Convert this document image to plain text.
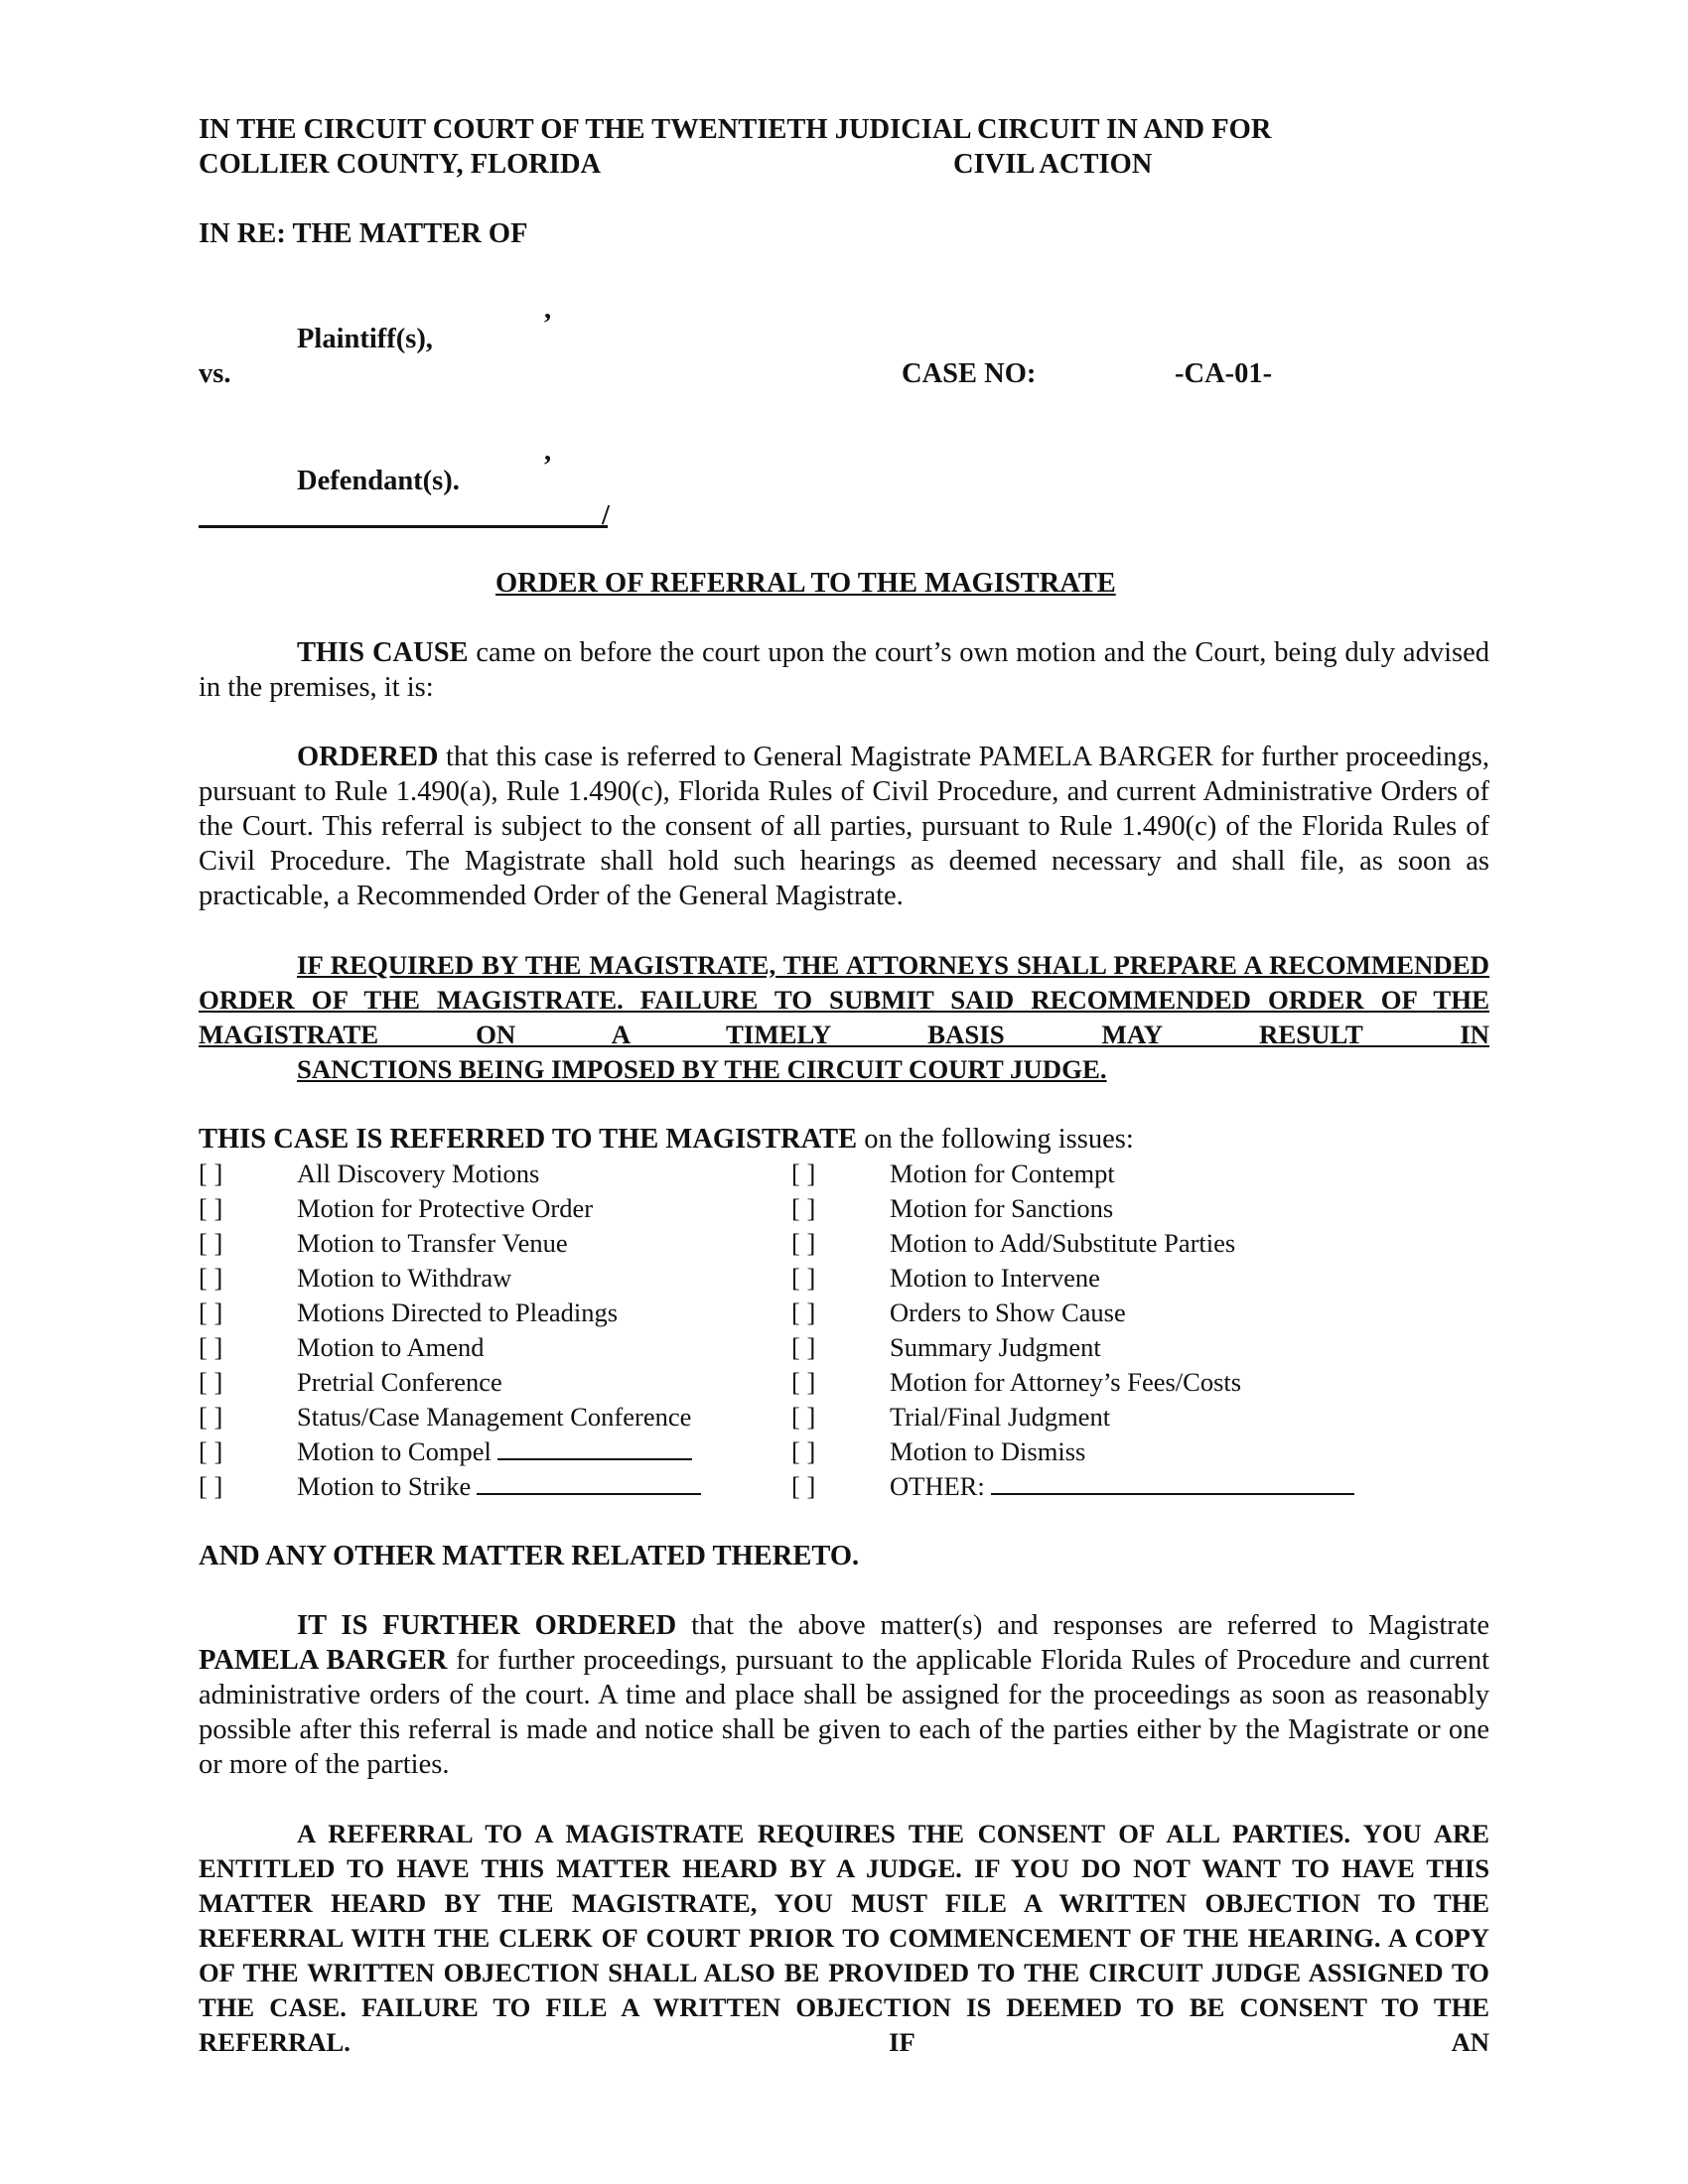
IN THE CIRCUIT COURT OF THE TWENTIETH JUDICIAL CIRCUIT IN AND FOR
COLLIER COUNTY, FLORIDA	CIVIL ACTION
IN RE: THE MATTER OF
,
Plaintiff(s),
vs.	CASE NO:	-CA-01-
,
Defendant(s).
/
ORDER OF REFERRAL TO THE MAGISTRATE
THIS CAUSE came on before the court upon the court’s own motion and the Court, being duly advised in the premises, it is:
ORDERED that this case is referred to General Magistrate PAMELA BARGER for further proceedings, pursuant to Rule 1.490(a), Rule 1.490(c), Florida Rules of Civil Procedure, and current Administrative Orders of the Court. This referral is subject to the consent of all parties, pursuant to Rule 1.490(c) of the Florida Rules of Civil Procedure. The Magistrate shall hold such hearings as deemed necessary and shall file, as soon as practicable, a Recommended Order of the General Magistrate.
IF REQUIRED BY THE MAGISTRATE, THE ATTORNEYS SHALL PREPARE A RECOMMENDED ORDER OF THE MAGISTRATE. FAILURE TO SUBMIT SAID RECOMMENDED ORDER OF THE MAGISTRATE ON A TIMELY BASIS MAY RESULT IN
SANCTIONS BEING IMPOSED BY THE CIRCUIT COURT JUDGE.
THIS CASE IS REFERRED TO THE MAGISTRATE on the following issues:
[ ]	All Discovery Motions
[ ]	Motion for Protective Order
[ ]	Motion to Transfer Venue
[ ]	Motion to Withdraw
[ ]	Motions Directed to Pleadings
[ ]	Motion to Amend
[ ]	Pretrial Conference
[ ]	Status/Case Management Conference
[ ]	Motion to Compel
[ ]	Motion to Strike
[ ]	Motion for Contempt
[ ]	Motion for Sanctions
[ ]	Motion to Add/Substitute Parties
[ ]	Motion to Intervene
[ ]	Orders to Show Cause
[ ]	Summary Judgment
[ ]	Motion for Attorney’s Fees/Costs
[ ]	Trial/Final Judgment
[ ]	Motion to Dismiss
[ ]	OTHER:
AND ANY OTHER MATTER RELATED THERETO.
IT IS FURTHER ORDERED that the above matter(s) and responses are referred to Magistrate PAMELA BARGER for further proceedings, pursuant to the applicable Florida Rules of Procedure and current administrative orders of the court. A time and place shall be assigned for the proceedings as soon as reasonably possible after this referral is made and notice shall be given to each of the parties either by the Magistrate or one or more of the parties.
A REFERRAL TO A MAGISTRATE REQUIRES THE CONSENT OF ALL PARTIES. YOU ARE ENTITLED TO HAVE THIS MATTER HEARD BY A JUDGE. IF YOU DO NOT WANT TO HAVE THIS MATTER HEARD BY THE MAGISTRATE, YOU MUST FILE A WRITTEN OBJECTION TO THE REFERRAL WITH THE CLERK OF COURT PRIOR TO COMMENCEMENT OF THE HEARING. A COPY OF THE WRITTEN OBJECTION SHALL ALSO BE PROVIDED TO THE CIRCUIT JUDGE ASSIGNED TO THE CASE. FAILURE TO FILE A WRITTEN OBJECTION IS DEEMED TO BE CONSENT TO THE REFERRAL. IF AN
